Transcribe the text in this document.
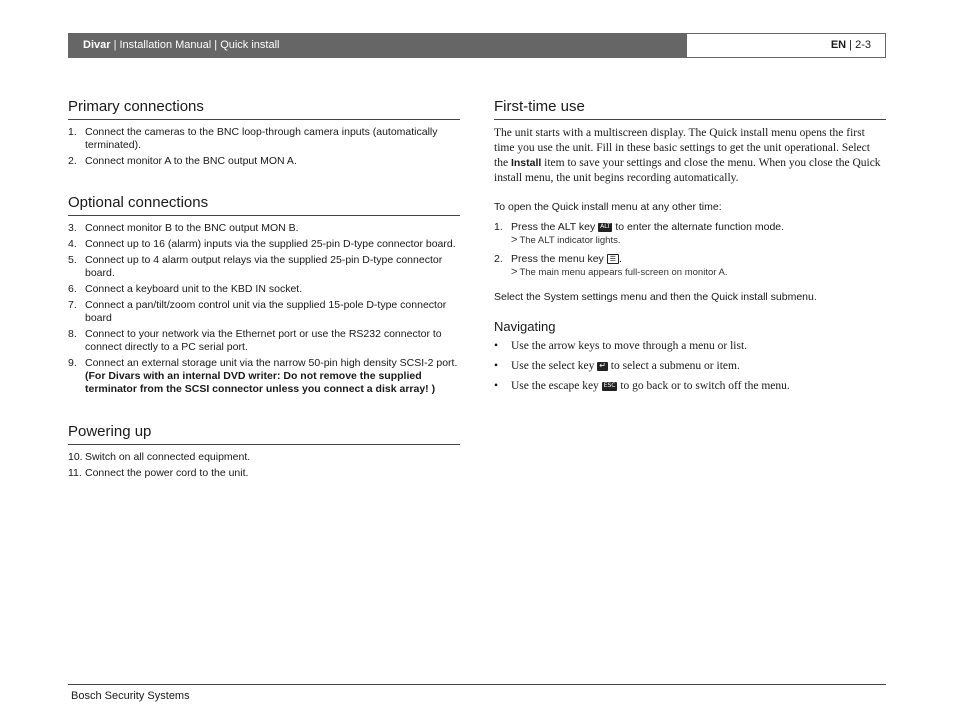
Divar | Installation Manual | Quick install	EN | 2-3
Primary connections
1. Connect the cameras to the BNC loop-through camera inputs (automatically terminated).
2. Connect monitor A to the BNC output MON A.
Optional connections
3. Connect monitor B to the BNC output MON B.
4. Connect up to 16 (alarm) inputs via the supplied 25-pin D-type connector board.
5. Connect up to 4 alarm output relays via the supplied 25-pin D-type connector board.
6. Connect a keyboard unit to the KBD IN socket.
7. Connect a pan/tilt/zoom control unit via the supplied 15-pole D-type connector board
8. Connect to your network via the Ethernet port or use the RS232 connector to connect directly to a PC serial port.
9. Connect an external storage unit via the narrow 50-pin high density SCSI-2 port. (For Divars with an internal DVD writer: Do not remove the supplied terminator from the SCSI connector unless you connect a disk array! )
Powering up
10. Switch on all connected equipment.
11. Connect the power cord to the unit.
First-time use

The unit starts with a multiscreen display. The Quick install menu opens the first time you use the unit. Fill in these basic settings to get the unit operational. Select the Install item to save your settings and close the menu. When you close the Quick install menu, the unit begins recording automatically.

To open the Quick install menu at any other time:

1. Press the ALT key ALT to enter the alternate function mode.
> The ALT indicator lights.
2. Press the menu key ☰ .
> The main menu appears full-screen on monitor A.

Select the System settings menu and then the Quick install submenu.

Navigating
• Use the arrow keys to move through a menu or list.
• Use the select key ↵ to select a submenu or item.
• Use the escape key ESC to go back or to switch off the menu.
Bosch Security Systems
